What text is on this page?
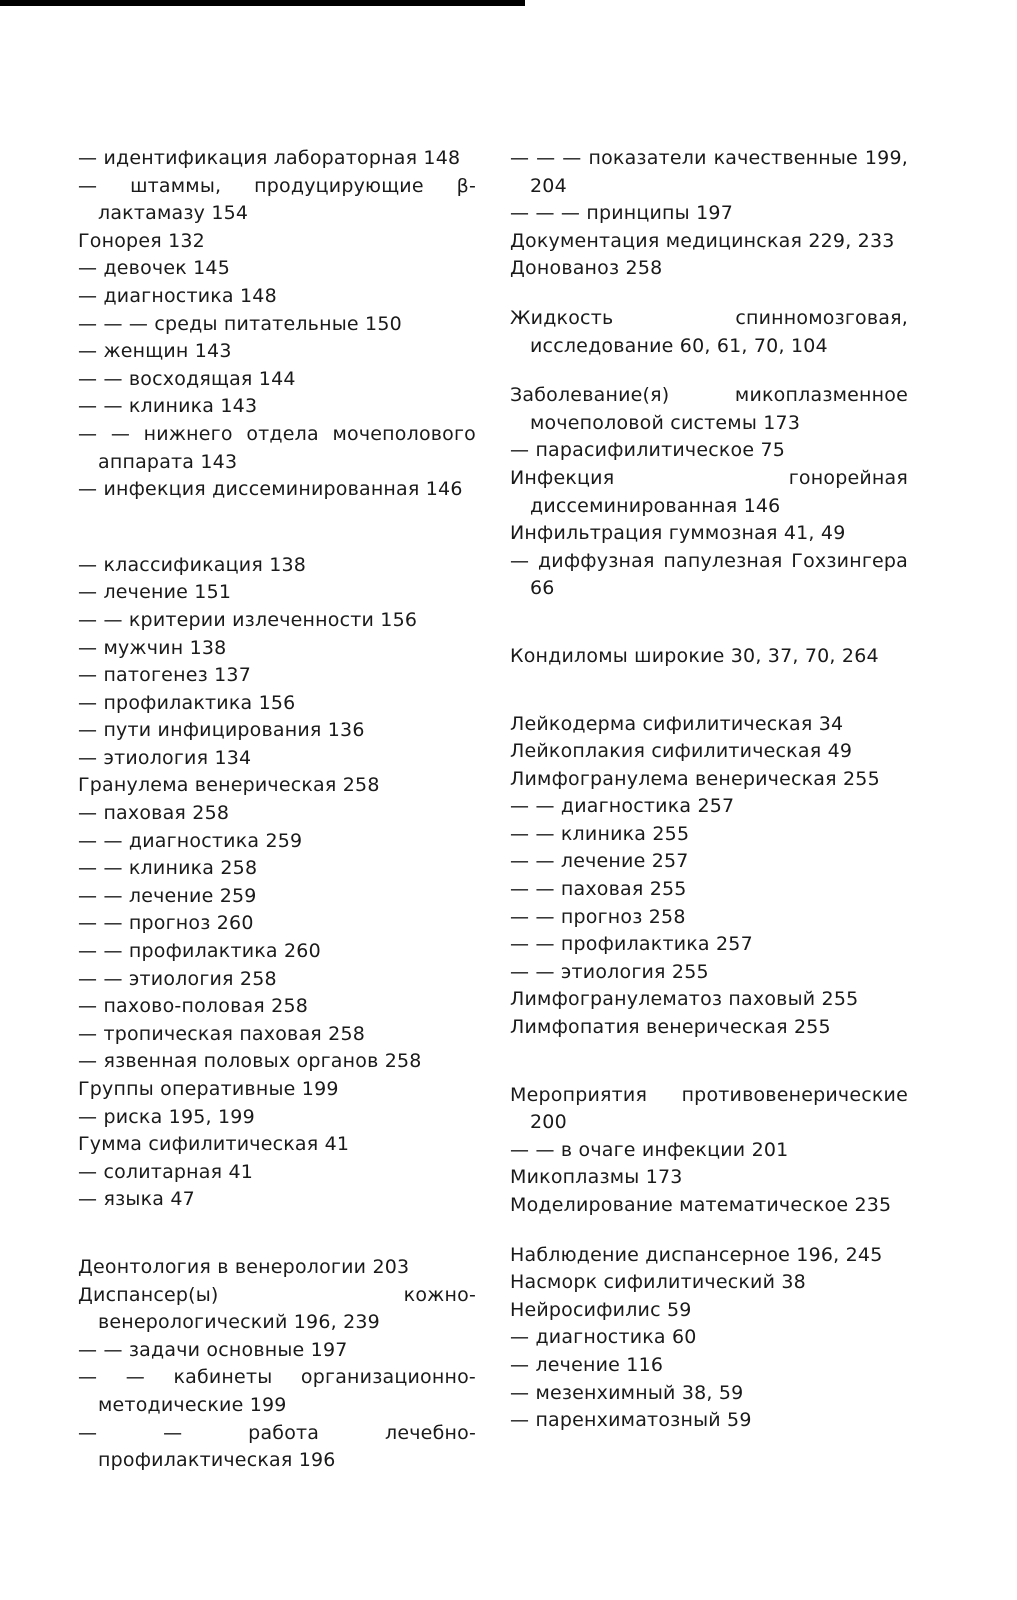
— идентификация лабораторная 148
— штаммы, продуцирующие β-лактамазу 154
Гонорея 132
— девочек 145
— диагностика 148
— — — среды питательные 150
— женщин 143
— — восходящая 144
— — клиника 143
— — нижнего отдела мочеполового аппарата 143
— инфекция диссеминированная 146
— классификация 138
— лечение 151
— — критерии излеченности 156
— мужчин 138
— патогенез 137
— профилактика 156
— пути инфицирования 136
— этиология 134
Гранулема венерическая 258
— паховая 258
— — диагностика 259
— — клиника 258
— — лечение 259
— — прогноз 260
— — профилактика 260
— — этиология 258
— пахово-половая 258
— тропическая паховая 258
— язвенная половых органов 258
Группы оперативные 199
— риска 195, 199
Гумма сифилитическая 41
— солитарная 41
— языка 47
Деонтология в венерологии 203
Диспансер(ы) кожно-венерологический 196, 239
— — задачи основные 197
— — кабинеты организационно-методические 199
— — работа лечебно-профилактическая 196
— — — показатели качественные 199, 204
— — — принципы 197
Документация медицинская 229, 233
Донованоз 258
Жидкость спинномозговая, исследование 60, 61, 70, 104
Заболевание(я) микоплазменное мочеполовой системы 173
— парасифилитическое 75
Инфекция гонорейная диссеминированная 146
Инфильтрация гуммозная 41, 49
— диффузная папулезная Гохзингера 66
Кондиломы широкие 30, 37, 70, 264
Лейкодерма сифилитическая 34
Лейкоплакия сифилитическая 49
Лимфогранулема венерическая 255
— — диагностика 257
— — клиника 255
— — лечение 257
— — паховая 255
— — прогноз 258
— — профилактика 257
— — этиология 255
Лимфогранулематоз паховый 255
Лимфопатия венерическая 255
Мероприятия противовенерические 200
— — в очаге инфекции 201
Микоплазмы 173
Моделирование математическое 235
Наблюдение диспансерное 196, 245
Насморк сифилитический 38
Нейросифилис 59
— диагностика 60
— лечение 116
— мезенхимный 38, 59
— паренхиматозный 59
